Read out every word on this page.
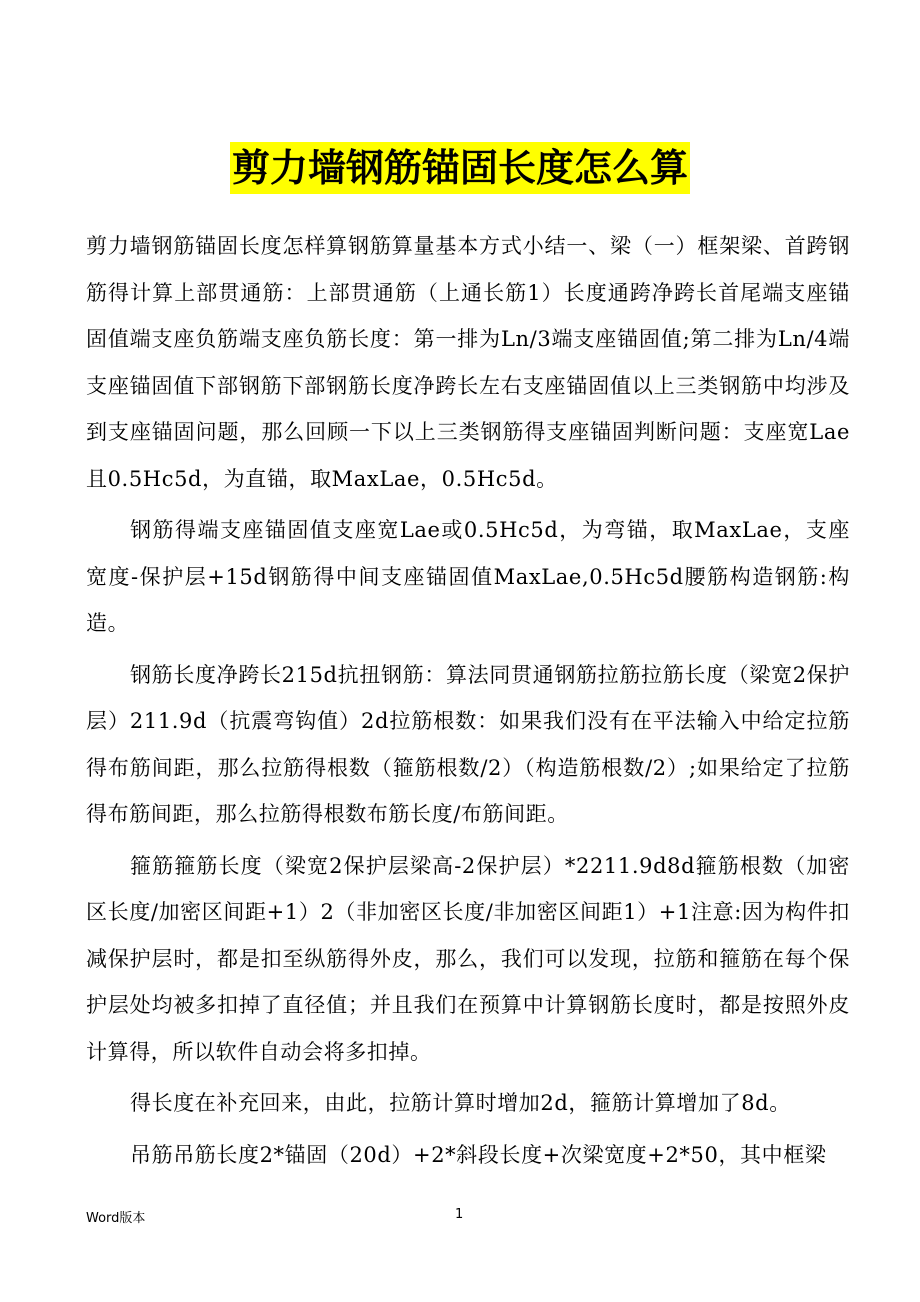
剪力墙钢筋锚固长度怎么算

剪力墙钢筋锚固长度怎样算钢筋算量基本方式小结一、梁（一）框架梁、首跨钢筋得计算上部贯通筋：上部贯通筋（上通长筋1）长度通跨净跨长首尾端支座锚固值端支座负筋端支座负筋长度：第一排为Ln/3端支座锚固值;第二排为Ln/4端支座锚固值下部钢筋下部钢筋长度净跨长左右支座锚固值以上三类钢筋中均涉及到支座锚固问题，那么回顾一下以上三类钢筋得支座锚固判断问题：支座宽Lae且0.5Hc5d，为直锚，取MaxLae，0.5Hc5d。

钢筋得端支座锚固值支座宽Lae或0.5Hc5d，为弯锚，取MaxLae，支座宽度-保护层+15d钢筋得中间支座锚固值MaxLae,0.5Hc5d腰筋构造钢筋:构造。

钢筋长度净跨长215d抗扭钢筋：算法同贯通钢筋拉筋拉筋长度（梁宽2保护层）211.9d（抗震弯钩值）2d拉筋根数：如果我们没有在平法输入中给定拉筋得布筋间距，那么拉筋得根数（箍筋根数/2）（构造筋根数/2）;如果给定了拉筋得布筋间距，那么拉筋得根数布筋长度/布筋间距。

箍筋箍筋长度（梁宽2保护层梁高-2保护层）*2211.9d8d箍筋根数（加密区长度/加密区间距+1）2（非加密区长度/非加密区间距1）+1注意:因为构件扣减保护层时，都是扣至纵筋得外皮，那么，我们可以发现，拉筋和箍筋在每个保护层处均被多扣掉了直径值；并且我们在预算中计算钢筋长度时，都是按照外皮计算得，所以软件自动会将多扣掉。

得长度在补充回来，由此，拉筋计算时增加2d，箍筋计算增加了8d。

吊筋吊筋长度2*锚固（20d）+2*斜段长度+次梁宽度+2*50，其中框梁

Word版本	1
